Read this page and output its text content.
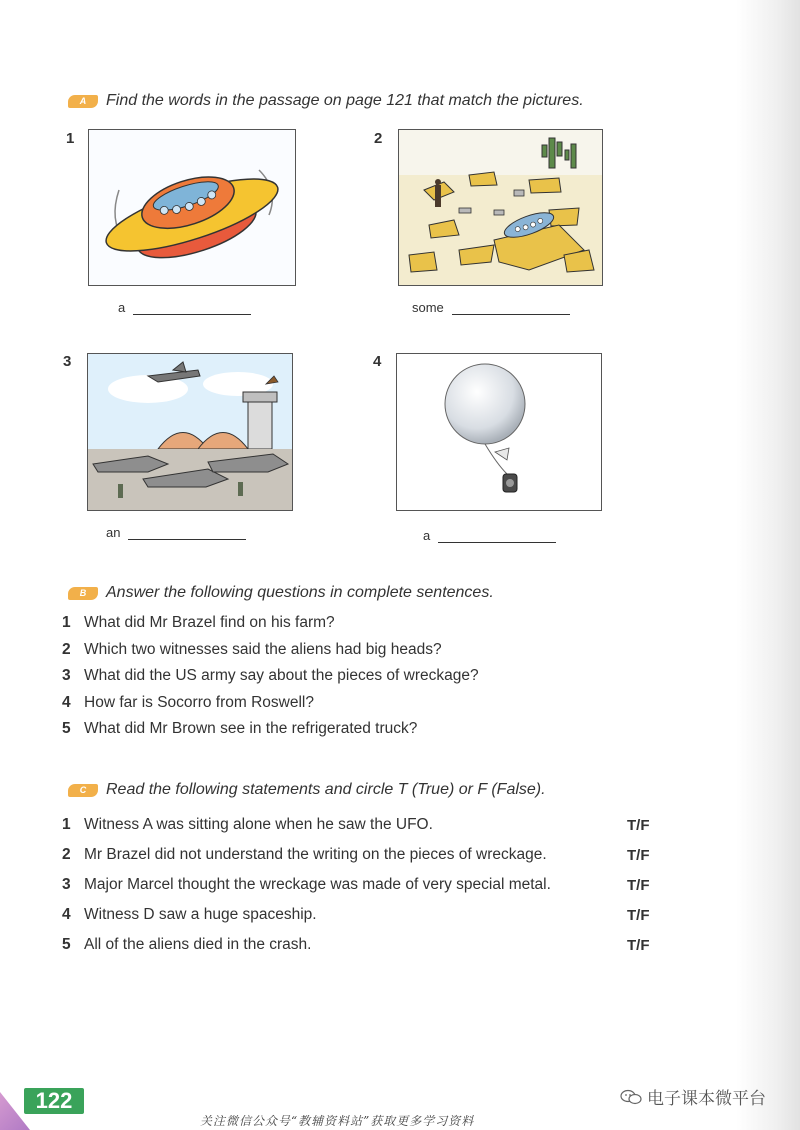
A	Find the words in the passage on page 121 that match the pictures.
1
a
2
some
3
an
4
a
B	Answer the following questions in complete sentences.
1 What did Mr Brazel find on his farm?
2 Which two witnesses said the aliens had big heads?
3 What did the US army say about the pieces of wreckage?
4 How far is Socorro from Roswell?
5 What did Mr Brown see in the refrigerated truck?
C	Read the following statements and circle T (True) or F (False).
1 Witness A was sitting alone when he saw the UFO.	T/F
2 Mr Brazel did not understand the writing on the pieces of wreckage.	T/F
3 Major Marcel thought the wreckage was made of very special metal.	T/F
4 Witness D saw a huge spaceship.	T/F
5 All of the aliens died in the crash.	T/F
122
关注微信公众号“教辅资料站”获取更多学习资料
电子课本微平台
